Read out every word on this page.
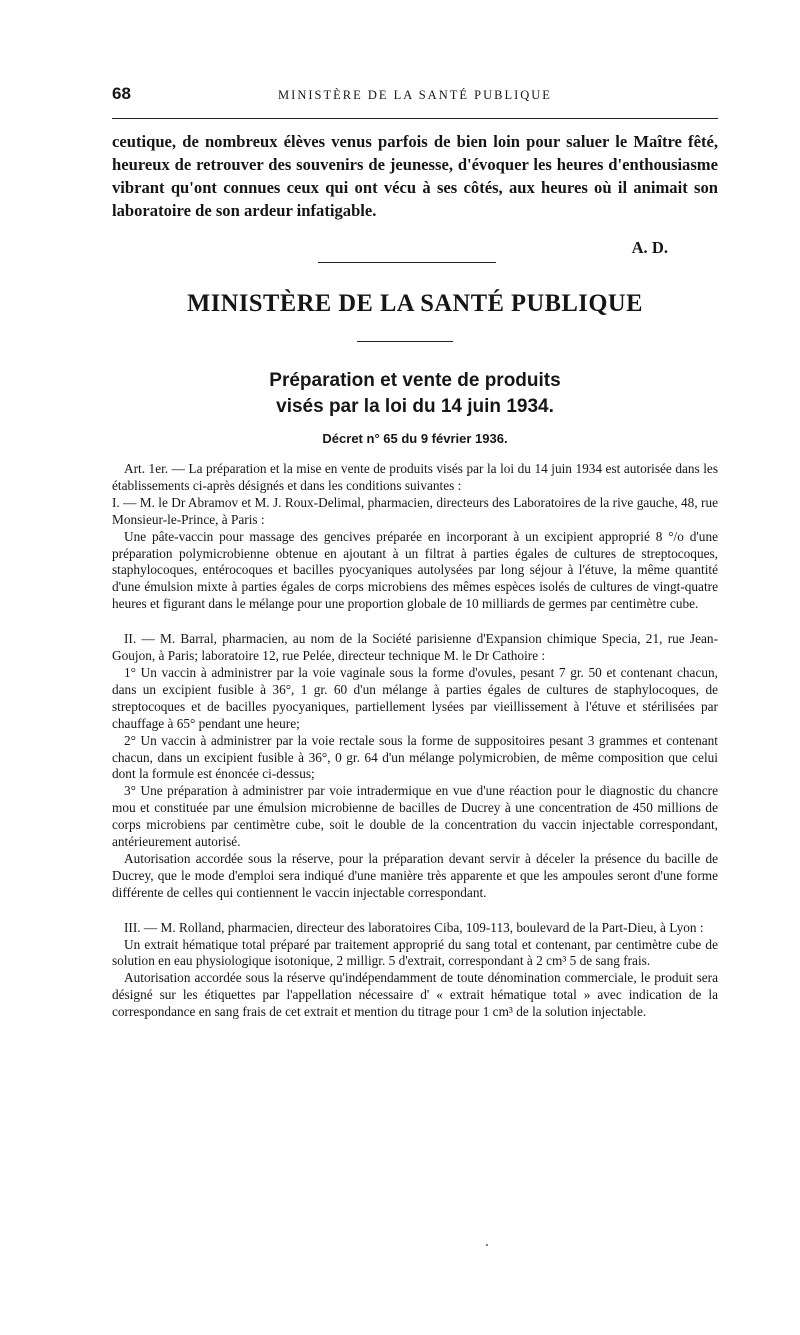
68	MINISTÈRE DE LA SANTÉ PUBLIQUE
ceutique, de nombreux élèves venus parfois de bien loin pour saluer le Maître fêté, heureux de retrouver des souvenirs de jeunesse, d'évoquer les heures d'enthousiasme vibrant qu'ont connues ceux qui ont vécu à ses côtés, aux heures où il animait son laboratoire de son ardeur infatigable.
A. D.
MINISTÈRE DE LA SANTÉ PUBLIQUE
Préparation et vente de produits
visés par la loi du 14 juin 1934.
Décret n° 65 du 9 février 1936.

Art. 1er. — La préparation et la mise en vente de produits visés par la loi du 14 juin 1934 est autorisée dans les établissements ci-après désignés et dans les conditions suivantes :

I. — M. le Dr Abramov et M. J. Roux-Delimal, pharmacien, directeurs des Laboratoires de la rive gauche, 48, rue Monsieur-le-Prince, à Paris :

Une pâte-vaccin pour massage des gencives préparée en incorporant à un excipient approprié 8 °/o d'une préparation polymicrobienne obtenue en ajoutant à un filtrat à parties égales de cultures de streptocoques, staphylocoques, entérocoques et bacilles pyocyaniques autolysées par long séjour à l'étuve, la même quantité d'une émulsion mixte à parties égales de corps microbiens des mêmes espèces isolés de cultures de vingt-quatre heures et figurant dans le mélange pour une proportion globale de 10 milliards de germes par centimètre cube.

II. — M. Barral, pharmacien, au nom de la Société parisienne d'Expansion chimique Specia, 21, rue Jean-Goujon, à Paris; laboratoire 12, rue Pelée, directeur technique M. le Dr Cathoire :

1° Un vaccin à administrer par la voie vaginale sous la forme d'ovules, pesant 7 gr. 50 et contenant chacun, dans un excipient fusible à 36°, 1 gr. 60 d'un mélange à parties égales de cultures de staphylocoques, de streptocoques et de bacilles pyocyaniques, partiellement lysées par vieillissement à l'étuve et stérilisées par chauffage à 65° pendant une heure;

2° Un vaccin à administrer par la voie rectale sous la forme de suppositoires pesant 3 grammes et contenant chacun, dans un excipient fusible à 36°, 0 gr. 64 d'un mélange polymicrobien, de même composition que celui dont la formule est énoncée ci-dessus;

3° Une préparation à administrer par voie intradermique en vue d'une réaction pour le diagnostic du chancre mou et constituée par une émulsion microbienne de bacilles de Ducrey à une concentration de 450 millions de corps microbiens par centimètre cube, soit le double de la concentration du vaccin injectable correspondant, antérieurement autorisé.

Autorisation accordée sous la réserve, pour la préparation devant servir à déceler la présence du bacille de Ducrey, que le mode d'emploi sera indiqué d'une manière très apparente et que les ampoules seront d'une forme différente de celles qui contiennent le vaccin injectable correspondant.

III. — M. Rolland, pharmacien, directeur des laboratoires Ciba, 109-113, boulevard de la Part-Dieu, à Lyon :

Un extrait hématique total préparé par traitement approprié du sang total et contenant, par centimètre cube de solution en eau physiologique isotonique, 2 milligr. 5 d'extrait, correspondant à 2 cm³ 5 de sang frais.

Autorisation accordée sous la réserve qu'indépendamment de toute dénomination commerciale, le produit sera désigné sur les étiquettes par l'appellation nécessaire d' « extrait hématique total » avec indication de la correspondance en sang frais de cet extrait et mention du titrage pour 1 cm³ de la solution injectable.
